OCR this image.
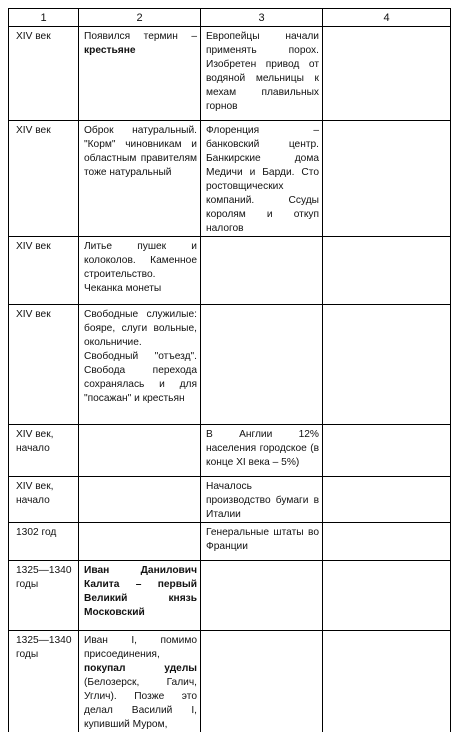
1	2	3	4

XIV век	Появился термин – крестьяне	Европейцы начали применять порох. Изобретен привод от водяной мельницы к мехам плавильных горнов	

XIV век	Оброк натуральный. "Корм" чиновникам и областным правителям тоже натуральный	Флоренция – банковский центр. Банкирские дома Медичи и Барди. Сто ростовщических компаний. Ссуды королям и откуп налогов	

XIV век	Литье пушек и колоколов. Каменное строительство. Чеканка монеты		

XIV век	Свободные служилые: бояре, слуги вольные, окольничие. Свободный "отъезд". Свобода перехода сохранялась и для "посажан" и крестьян		

XIV век, начало		В Англии 12% населения городское (в конце XI века – 5%)	

XIV век, начало		Началось производство бумаги в Италии	

1302 год		Генеральные штаты во Франции	

1325—1340 годы	Иван Данилович Калита – первый Великий князь Московский		

1325—1340 годы	Иван I, помимо присоединения, покупал уделы (Белозерск, Галич, Углич). Позже это делал Василий I, купивший Муром,		
